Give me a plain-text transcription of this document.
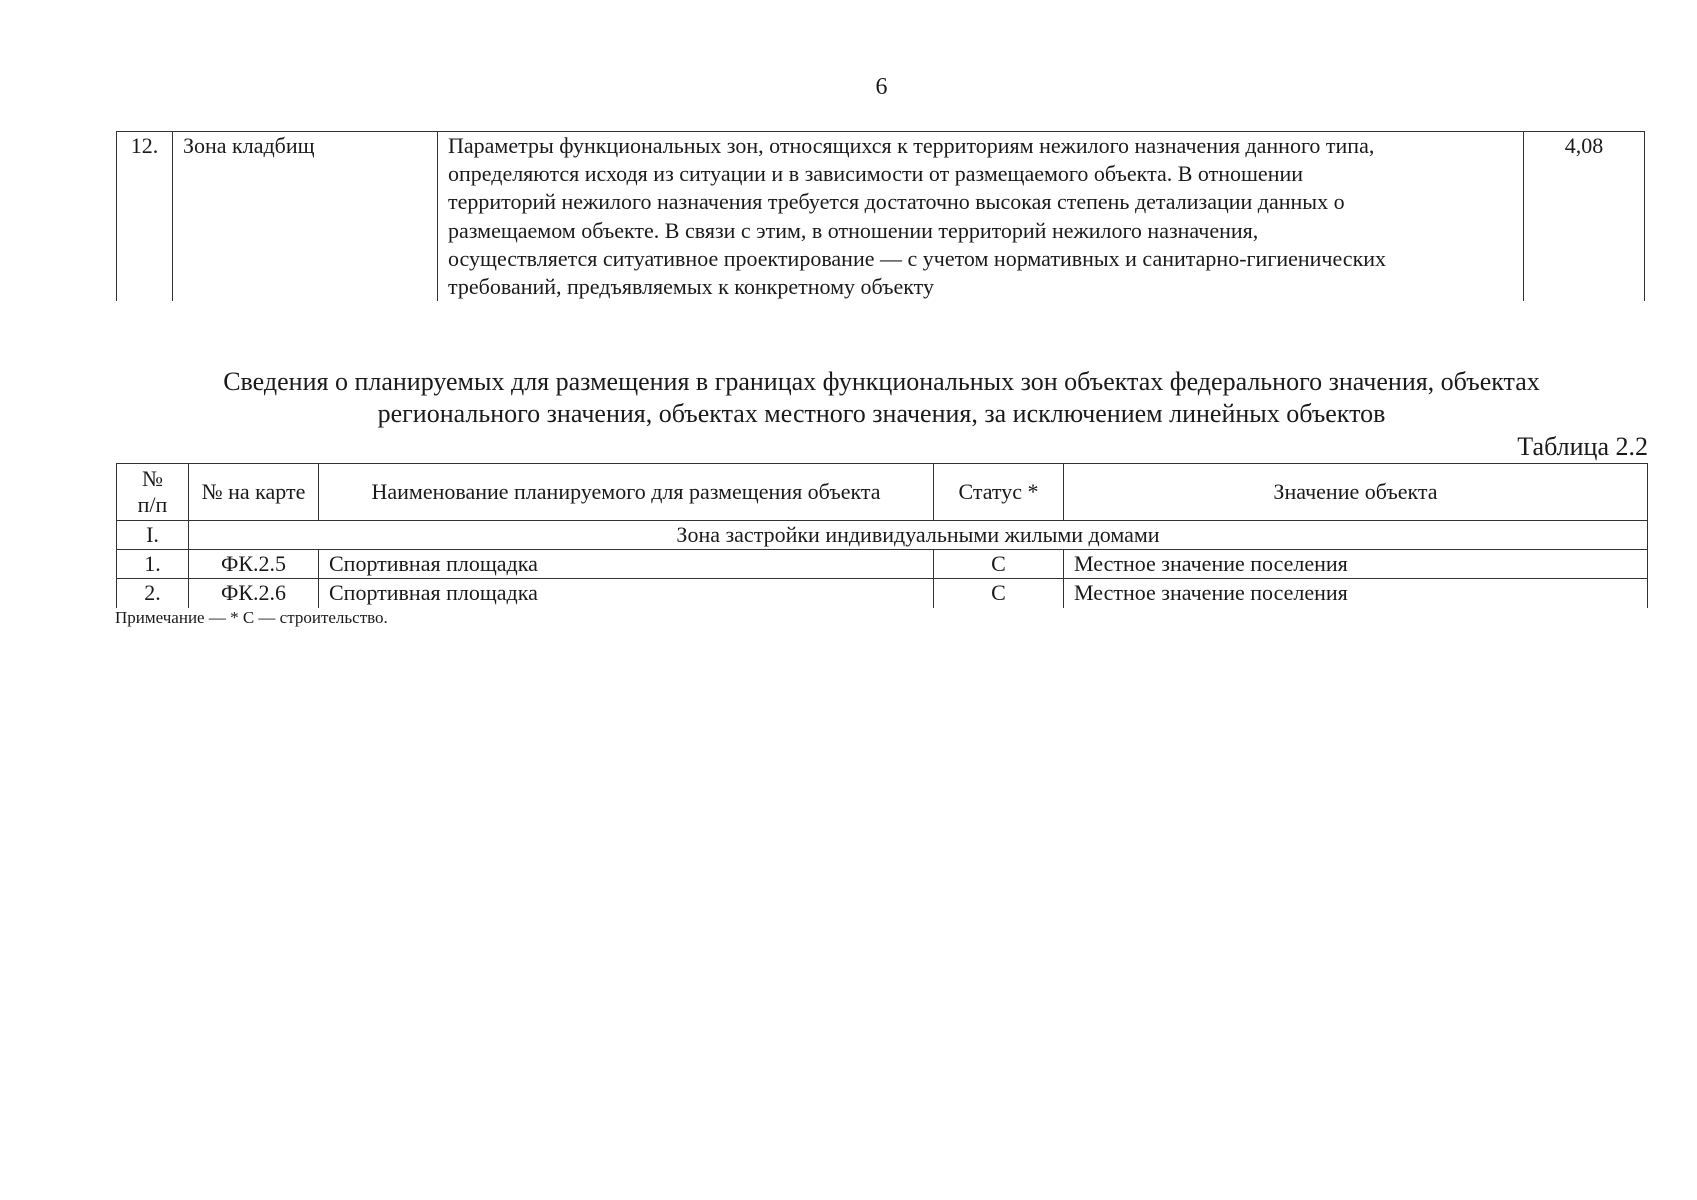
6
12.	Зона кладбищ	Параметры функциональных зон, относящихся к территориям нежилого назначения данного типа,
определяются исходя из ситуации и в зависимости от размещаемого объекта. В отношении
территорий нежилого назначения требуется достаточно высокая степень детализации данных о
размещаемом объекте. В связи с этим, в отношении территорий нежилого назначения,
осуществляется ситуативное проектирование — с учетом нормативных и санитарно-гигиенических
требований, предъявляемых к конкретному объекту
	4,08
Сведения о планируемых для размещения в границах функциональных зон объектах федерального значения, объектах
регионального значения, объектах местного значения, за исключением линейных объектов
Таблица 2.2
№
п/п	№ на карте	Наименование планируемого для размещения объекта	Статус *	Значение объекта
I.	Зона застройки индивидуальными жилыми домами			
1.	ФК.2.5	Спортивная площадка	С	Местное значение поселения
2.	ФК.2.6	Спортивная площадка	С	Местное значение поселения
Примечание — * С — строительство.
